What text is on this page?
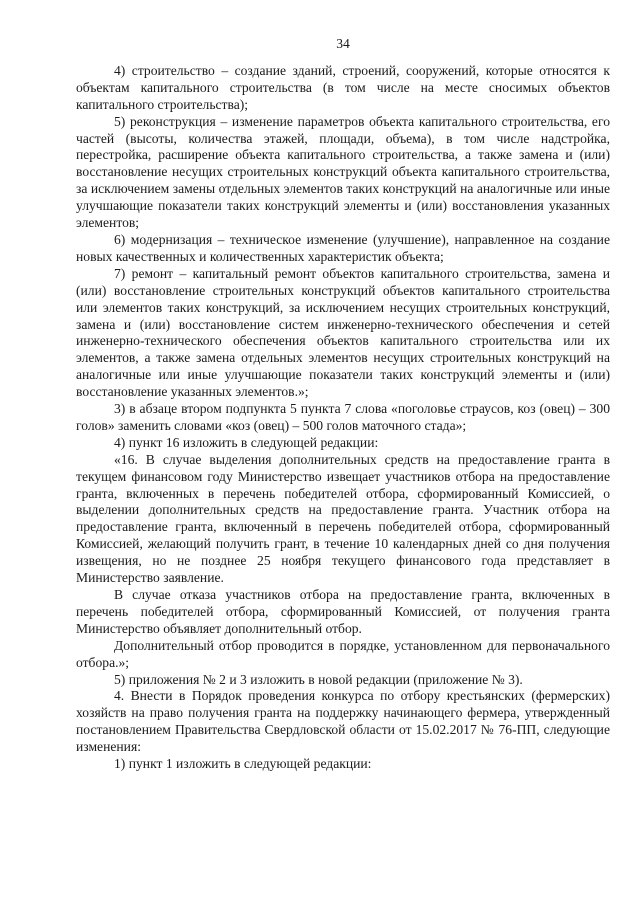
34

4) строительство – создание зданий, строений, сооружений, которые относятся к объектам капитального строительства (в том числе на месте сносимых объектов капитального строительства);

5) реконструкция – изменение параметров объекта капитального строительства, его частей (высоты, количества этажей, площади, объема), в том числе надстройка, перестройка, расширение объекта капитального строительства, а также замена и (или) восстановление несущих строительных конструкций объекта капитального строительства, за исключением замены отдельных элементов таких конструкций на аналогичные или иные улучшающие показатели таких конструкций элементы и (или) восстановления указанных элементов;

6) модернизация – техническое изменение (улучшение), направленное на создание новых качественных и количественных характеристик объекта;

7) ремонт – капитальный ремонт объектов капитального строительства, замена и (или) восстановление строительных конструкций объектов капитального строительства или элементов таких конструкций, за исключением несущих строительных конструкций, замена и (или) восстановление систем инженерно-технического обеспечения и сетей инженерно-технического обеспечения объектов капитального строительства или их элементов, а также замена отдельных элементов несущих строительных конструкций на аналогичные или иные улучшающие показатели таких конструкций элементы и (или) восстановление указанных элементов.»;

3) в абзаце втором подпункта 5 пункта 7 слова «поголовье страусов, коз (овец) – 300 голов» заменить словами «коз (овец) – 500 голов маточного стада»;

4) пункт 16 изложить в следующей редакции:

«16. В случае выделения дополнительных средств на предоставление гранта в текущем финансовом году Министерство извещает участников отбора на предоставление гранта, включенных в перечень победителей отбора, сформированный Комиссией, о выделении дополнительных средств на предоставление гранта. Участник отбора на предоставление гранта, включенный в перечень победителей отбора, сформированный Комиссией, желающий получить грант, в течение 10 календарных дней со дня получения извещения, но не позднее 25 ноября текущего финансового года представляет в Министерство заявление.

В случае отказа участников отбора на предоставление гранта, включенных в перечень победителей отбора, сформированный Комиссией, от получения гранта Министерство объявляет дополнительный отбор.

Дополнительный отбор проводится в порядке, установленном для первоначального отбора.»;

5) приложения № 2 и 3 изложить в новой редакции (приложение № 3).

4. Внести в Порядок проведения конкурса по отбору крестьянских (фермерских) хозяйств на право получения гранта на поддержку начинающего фермера, утвержденный постановлением Правительства Свердловской области от 15.02.2017 № 76-ПП, следующие изменения:

1) пункт 1 изложить в следующей редакции:
